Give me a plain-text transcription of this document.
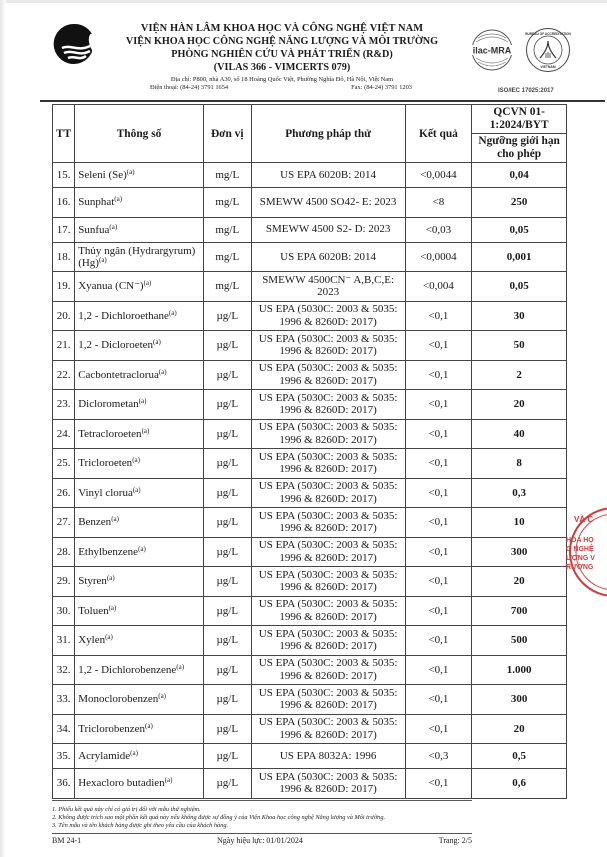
VIỆN HÀN LÂM KHOA HỌC VÀ CÔNG NGHỆ VIỆT NAM
VIỆN KHOA HỌC CÔNG NGHỆ NĂNG LƯỢNG VÀ MÔI TRƯỜNG
PHÒNG NGHIÊN CỨU VÀ PHÁT TRIỂN (R&D)
(VILAS 366 - VIMCERTS 079)
Địa chỉ: P800, nhà A30, số 18 Hoàng Quốc Việt, Phường Nghĩa Đô, Hà Nội, Việt Nam
Điện thoại: (84-24) 3791 1654	Fax: (84-24) 3791 1203
ilac-MRA
BUREAU OF ACCREDITATION
VIETNAM
ISO/IEC 17025:2017
TT	Thông số	Đơn vị	Phương pháp thử	Kết quả	QCVN 01-1:2024/BYT
					Ngưỡng giới hạn cho phép
15.	Seleni $(Se)^{(a)}$	mg/L	US EPA 6020B: 2014	<0,0044	0,04
16.	Sunphat$^{(a)}$	mg/L	SMEWW 4500 SO42- E: 2023	<8	250
17.	Sunfua$^{(a)}$	mg/L	SMEWW 4500 S2- D: 2023	<0,03	0,05
18.	Thủy ngân (Hydrargyrum) $(Hg)^{(a)}$	mg/L	US EPA 6020B: 2014	<0,0004	0,001
19.	Xyanua $(CN^-)^{(a)}$	mg/L	SMEWW 4500CN⁻ A,B,C,E: 2023	<0,004	0,05
20.	1,2 - Dichloroethane$^{(a)}$	µg/L	US EPA (5030C: 2003 & 5035: 1996 & 8260D: 2017)	<0,1	30
21.	1,2 - Dicloroeten$^{(a)}$	µg/L	US EPA (5030C: 2003 & 5035: 1996 & 8260D: 2017)	<0,1	50
22.	Cacbontetraclorua$^{(a)}$	µg/L	US EPA (5030C: 2003 & 5035: 1996 & 8260D: 2017)	<0,1	2
23.	Diclorometan$^{(a)}$	µg/L	US EPA (5030C: 2003 & 5035: 1996 & 8260D: 2017)	<0,1	20
24.	Tetracloroeten$^{(a)}$	µg/L	US EPA (5030C: 2003 & 5035: 1996 & 8260D: 2017)	<0,1	40
25.	Tricloroeten$^{(a)}$	µg/L	US EPA (5030C: 2003 & 5035: 1996 & 8260D: 2017)	<0,1	8
26.	Vinyl clorua$^{(a)}$	µg/L	US EPA (5030C: 2003 & 5035: 1996 & 8260D: 2017)	<0,1	0,3
27.	Benzen$^{(a)}$	µg/L	US EPA (5030C: 2003 & 5035: 1996 & 8260D: 2017)	<0,1	10
28.	Ethylbenzene$^{(a)}$	µg/L	US EPA (5030C: 2003 & 5035: 1996 & 8260D: 2017)	<0,1	300
29.	Styren$^{(a)}$	µg/L	US EPA (5030C: 2003 & 5035: 1996 & 8260D: 2017)	<0,1	20
30.	Toluen$^{(a)}$	µg/L	US EPA (5030C: 2003 & 5035: 1996 & 8260D: 2017)	<0,1	700
31.	Xylen$^{(a)}$	µg/L	US EPA (5030C: 2003 & 5035: 1996 & 8260D: 2017)	<0,1	500
32.	1,2 - Dichlorobenzene$^{(a)}$	µg/L	US EPA (5030C: 2003 & 5035: 1996 & 8260D: 2017)	<0,1	1.000
33.	Monoclorobenzen$^{(a)}$	µg/L	US EPA (5030C: 2003 & 5035: 1996 & 8260D: 2017)	<0,1	300
34.	Triclorobenzen$^{(a)}$	µg/L	US EPA (5030C: 2003 & 5035: 1996 & 8260D: 2017)	<0,1	20
35.	Acrylamide$^{(a)}$	µg/L	US EPA 8032A: 1996	<0,3	0,5
36.	Hexacloro butadien$^{(a)}$	µg/L	US EPA (5030C: 2003 & 5035: 1996 & 8260D: 2017)	<0,1	0,6
VÀ C
HOA HỌ
G NGHỆ
ƯỢNG V
RƯỜNG
1. Phiếu kết quả này chỉ có giá trị đối với mẫu thử nghiệm.
2. Không được trích sao một phần kết quả này nếu không được sự đồng ý của Viện Khoa học công nghệ Năng lượng và Môi trường.
3. Tên mẫu và tên khách hàng được ghi theo yêu cầu của khách hàng.
BM 24-1	Ngày hiệu lực: 01/01/2024	Trang: 2/5
